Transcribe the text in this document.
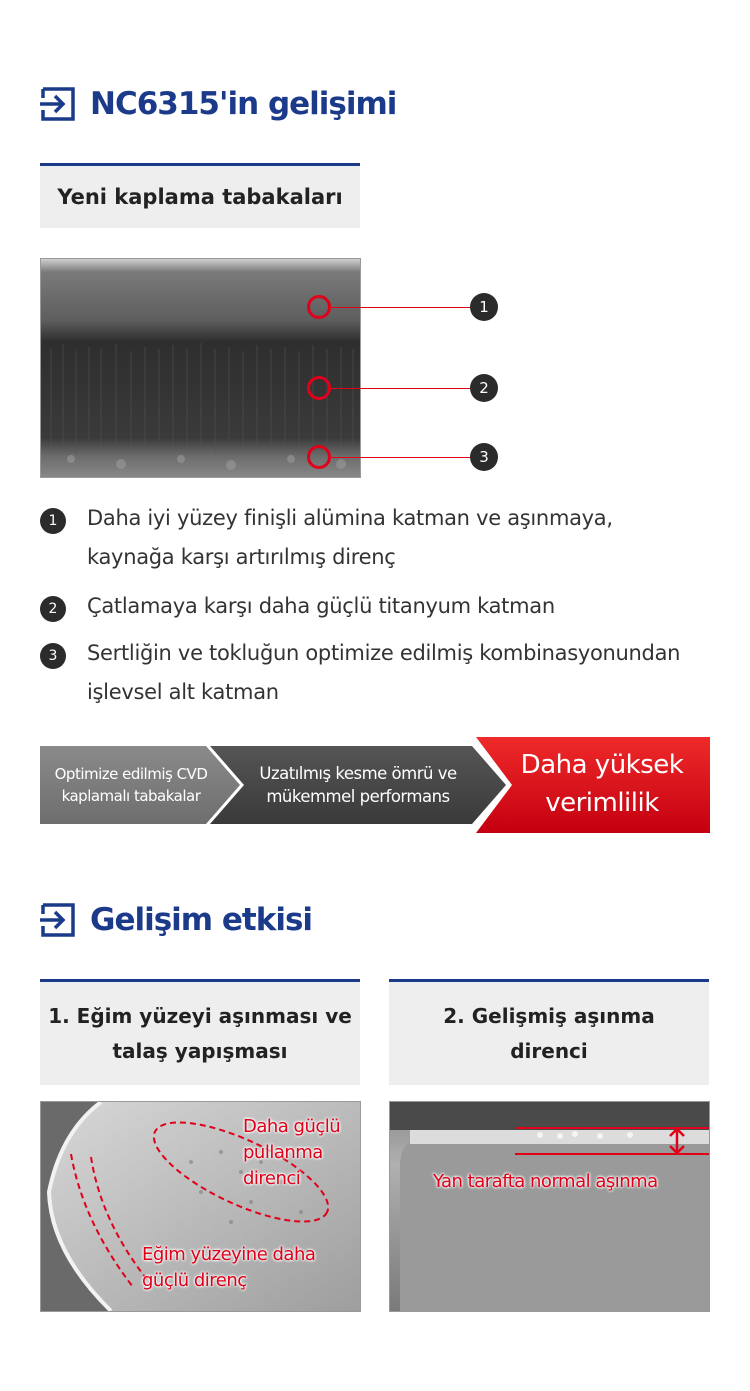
NC6315'in gelişimi
Yeni kaplama tabakaları
1
2
3
1	Daha iyi yüzey finişli alümina katman ve aşınmaya,
kaynağa karşı artırılmış direnç
2	Çatlamaya karşı daha güçlü titanyum katman
3	Sertliğin ve tokluğun optimize edilmiş kombinasyonundan
işlevsel alt katman
Optimize edilmiş CVD
kaplamalı tabakalar
Uzatılmış kesme ömrü ve
mükemmel performans
Daha yüksek
verimlilik
Gelişim etkisi
1. Eğim yüzeyi aşınması ve
talaş yapışması
2. Gelişmiş aşınma
direnci
Daha güçlü
pullanma
direnci
Eğim yüzeyine daha
güçlü direnç
Yan tarafta normal aşınma
